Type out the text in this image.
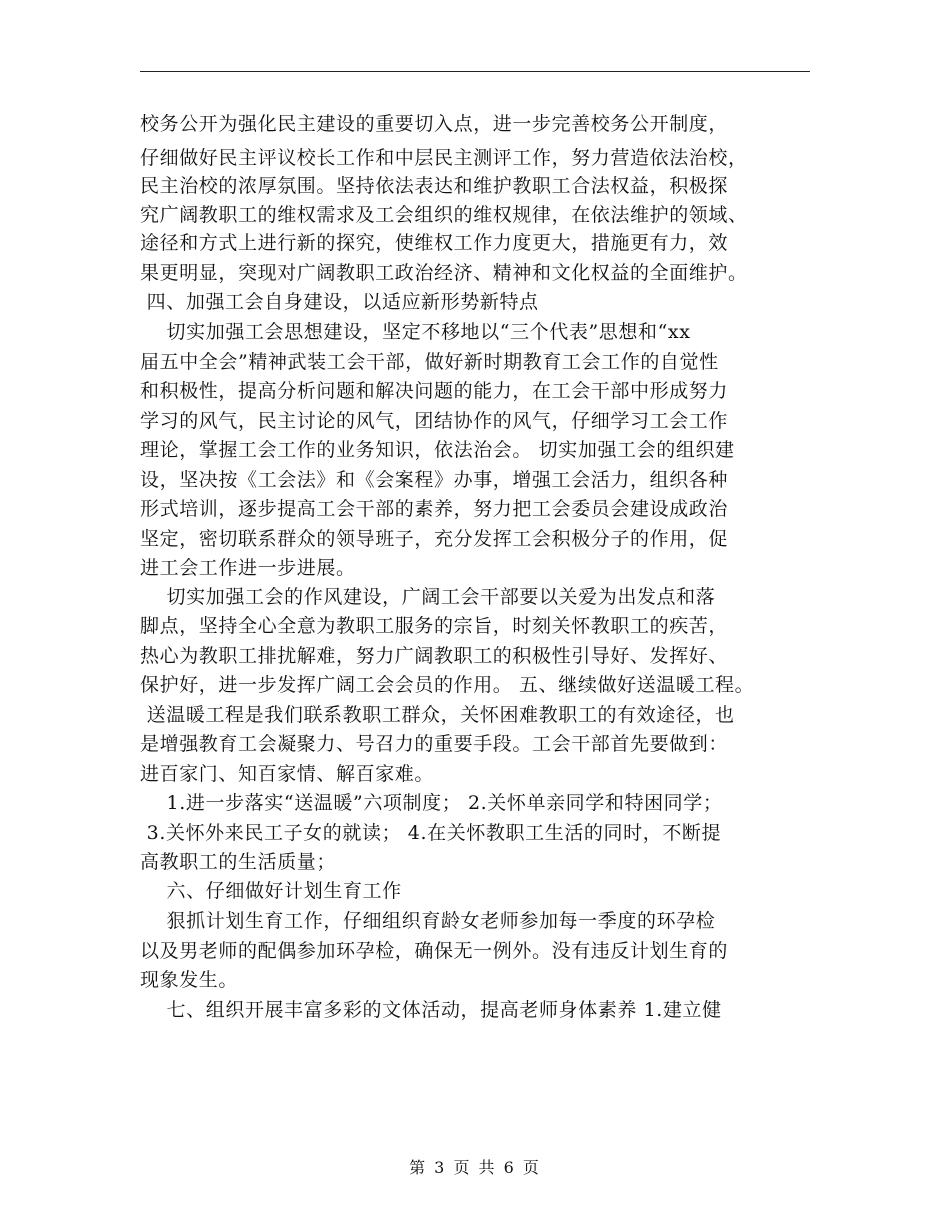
校务公开为强化民主建设的重要切入点，进一步完善校务公开制度，
仔细做好民主评议校长工作和中层民主测评工作，努力营造依法治校，
民主治校的浓厚氛围。坚持依法表达和维护教职工合法权益，积极探
究广阔教职工的维权需求及工会组织的维权规律，在依法维护的领域、
途径和方式上进行新的探究，使维权工作力度更大，措施更有力，效
果更明显，突现对广阔教职工政治经济、精神和文化权益的全面维护。
四、加强工会自身建设，以适应新形势新特点
切实加强工会思想建设，坚定不移地以“三个代表”思想和“xx
届五中全会”精神武装工会干部，做好新时期教育工会工作的自觉性
和积极性，提高分析问题和解决问题的能力，在工会干部中形成努力
学习的风气，民主讨论的风气，团结协作的风气，仔细学习工会工作
理论，掌握工会工作的业务知识，依法治会。 切实加强工会的组织建
设，坚决按《工会法》和《会案程》办事，增强工会活力，组织各种
形式培训，逐步提高工会干部的素养，努力把工会委员会建设成政治
坚定，密切联系群众的领导班子，充分发挥工会积极分子的作用，促
进工会工作进一步进展。
切实加强工会的作风建设，广阔工会干部要以关爱为出发点和落
脚点，坚持全心全意为教职工服务的宗旨，时刻关怀教职工的疾苦，
热心为教职工排扰解难，努力广阔教职工的积极性引导好、发挥好、
保护好，进一步发挥广阔工会会员的作用。 五、继续做好送温暖工程。
送温暖工程是我们联系教职工群众，关怀困难教职工的有效途径，也
是增强教育工会凝聚力、号召力的重要手段。工会干部首先要做到：
进百家门、知百家情、解百家难。
1.进一步落实“送温暖”六项制度； 2.关怀单亲同学和特困同学；
3.关怀外来民工子女的就读； 4.在关怀教职工生活的同时，不断提
高教职工的生活质量；
六、仔细做好计划生育工作
狠抓计划生育工作，仔细组织育龄女老师参加每一季度的环孕检
以及男老师的配偶参加环孕检，确保无一例外。没有违反计划生育的
现象发生。
七、组织开展丰富多彩的文体活动，提高老师身体素养 1.建立健
第 3 页 共 6 页
